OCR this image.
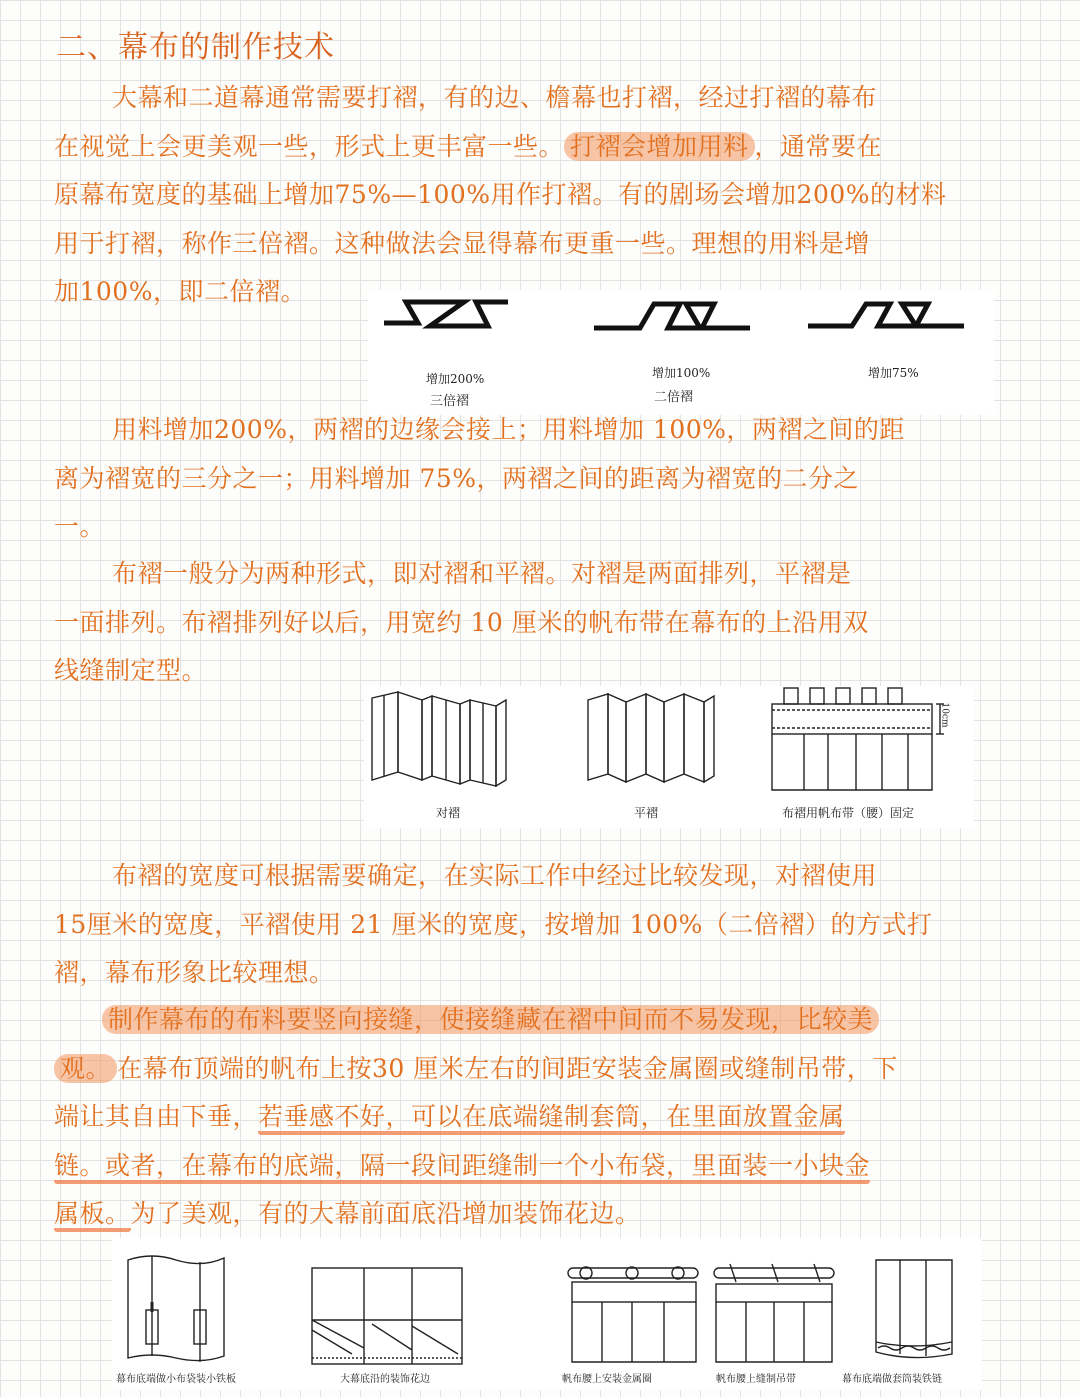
二、幕布的制作技术
大幕和二道幕通常需要打褶，有的边、檐幕也打褶，经过打褶的幕布
在视觉上会更美观一些，形式上更丰富一些。 打褶会增加用料 ，通常要在
原幕布宽度的基础上增加75%—100%用作打褶。有的剧场会增加200%的材料
用于打褶，称作三倍褶。这种做法会显得幕布更重一些。理想的用料是增
加100%，即二倍褶。
增加200%
三倍褶
增加100%
二倍褶
增加75%
用料增加200%，两褶的边缘会接上；用料增加 100%，两褶之间的距
离为褶宽的三分之一；用料增加 75%，两褶之间的距离为褶宽的二分之
一。
布褶一般分为两种形式，即对褶和平褶。对褶是两面排列，平褶是
一面排列。布褶排列好以后，用宽约 10 厘米的帆布带在幕布的上沿用双
线缝制定型。
10cm
对褶	平褶	布褶用帆布带（腰）固定
布褶的宽度可根据需要确定，在实际工作中经过比较发现，对褶使用
15厘米的宽度，平褶使用 21 厘米的宽度，按增加 100%（二倍褶）的方式打
褶，幕布形象比较理想。
制作幕布的布料要竖向接缝，使接缝藏在褶中间而不易发现，比较美
观。 在幕布顶端的帆布上按30 厘米左右的间距安装金属圈或缝制吊带，下
端让其自由下垂，若垂感不好，可以在底端缝制套筒，在里面放置金属
链。或者，在幕布的底端，隔一段间距缝制一个小布袋，里面装一小块金
属板。为了美观，有的大幕前面底沿增加装饰花边。
幕布底端做小布袋装小铁板	大幕底沿的装饰花边	帆布腰上安装金属圈	帆布腰上缝制吊带	幕布底端做套筒装铁链
